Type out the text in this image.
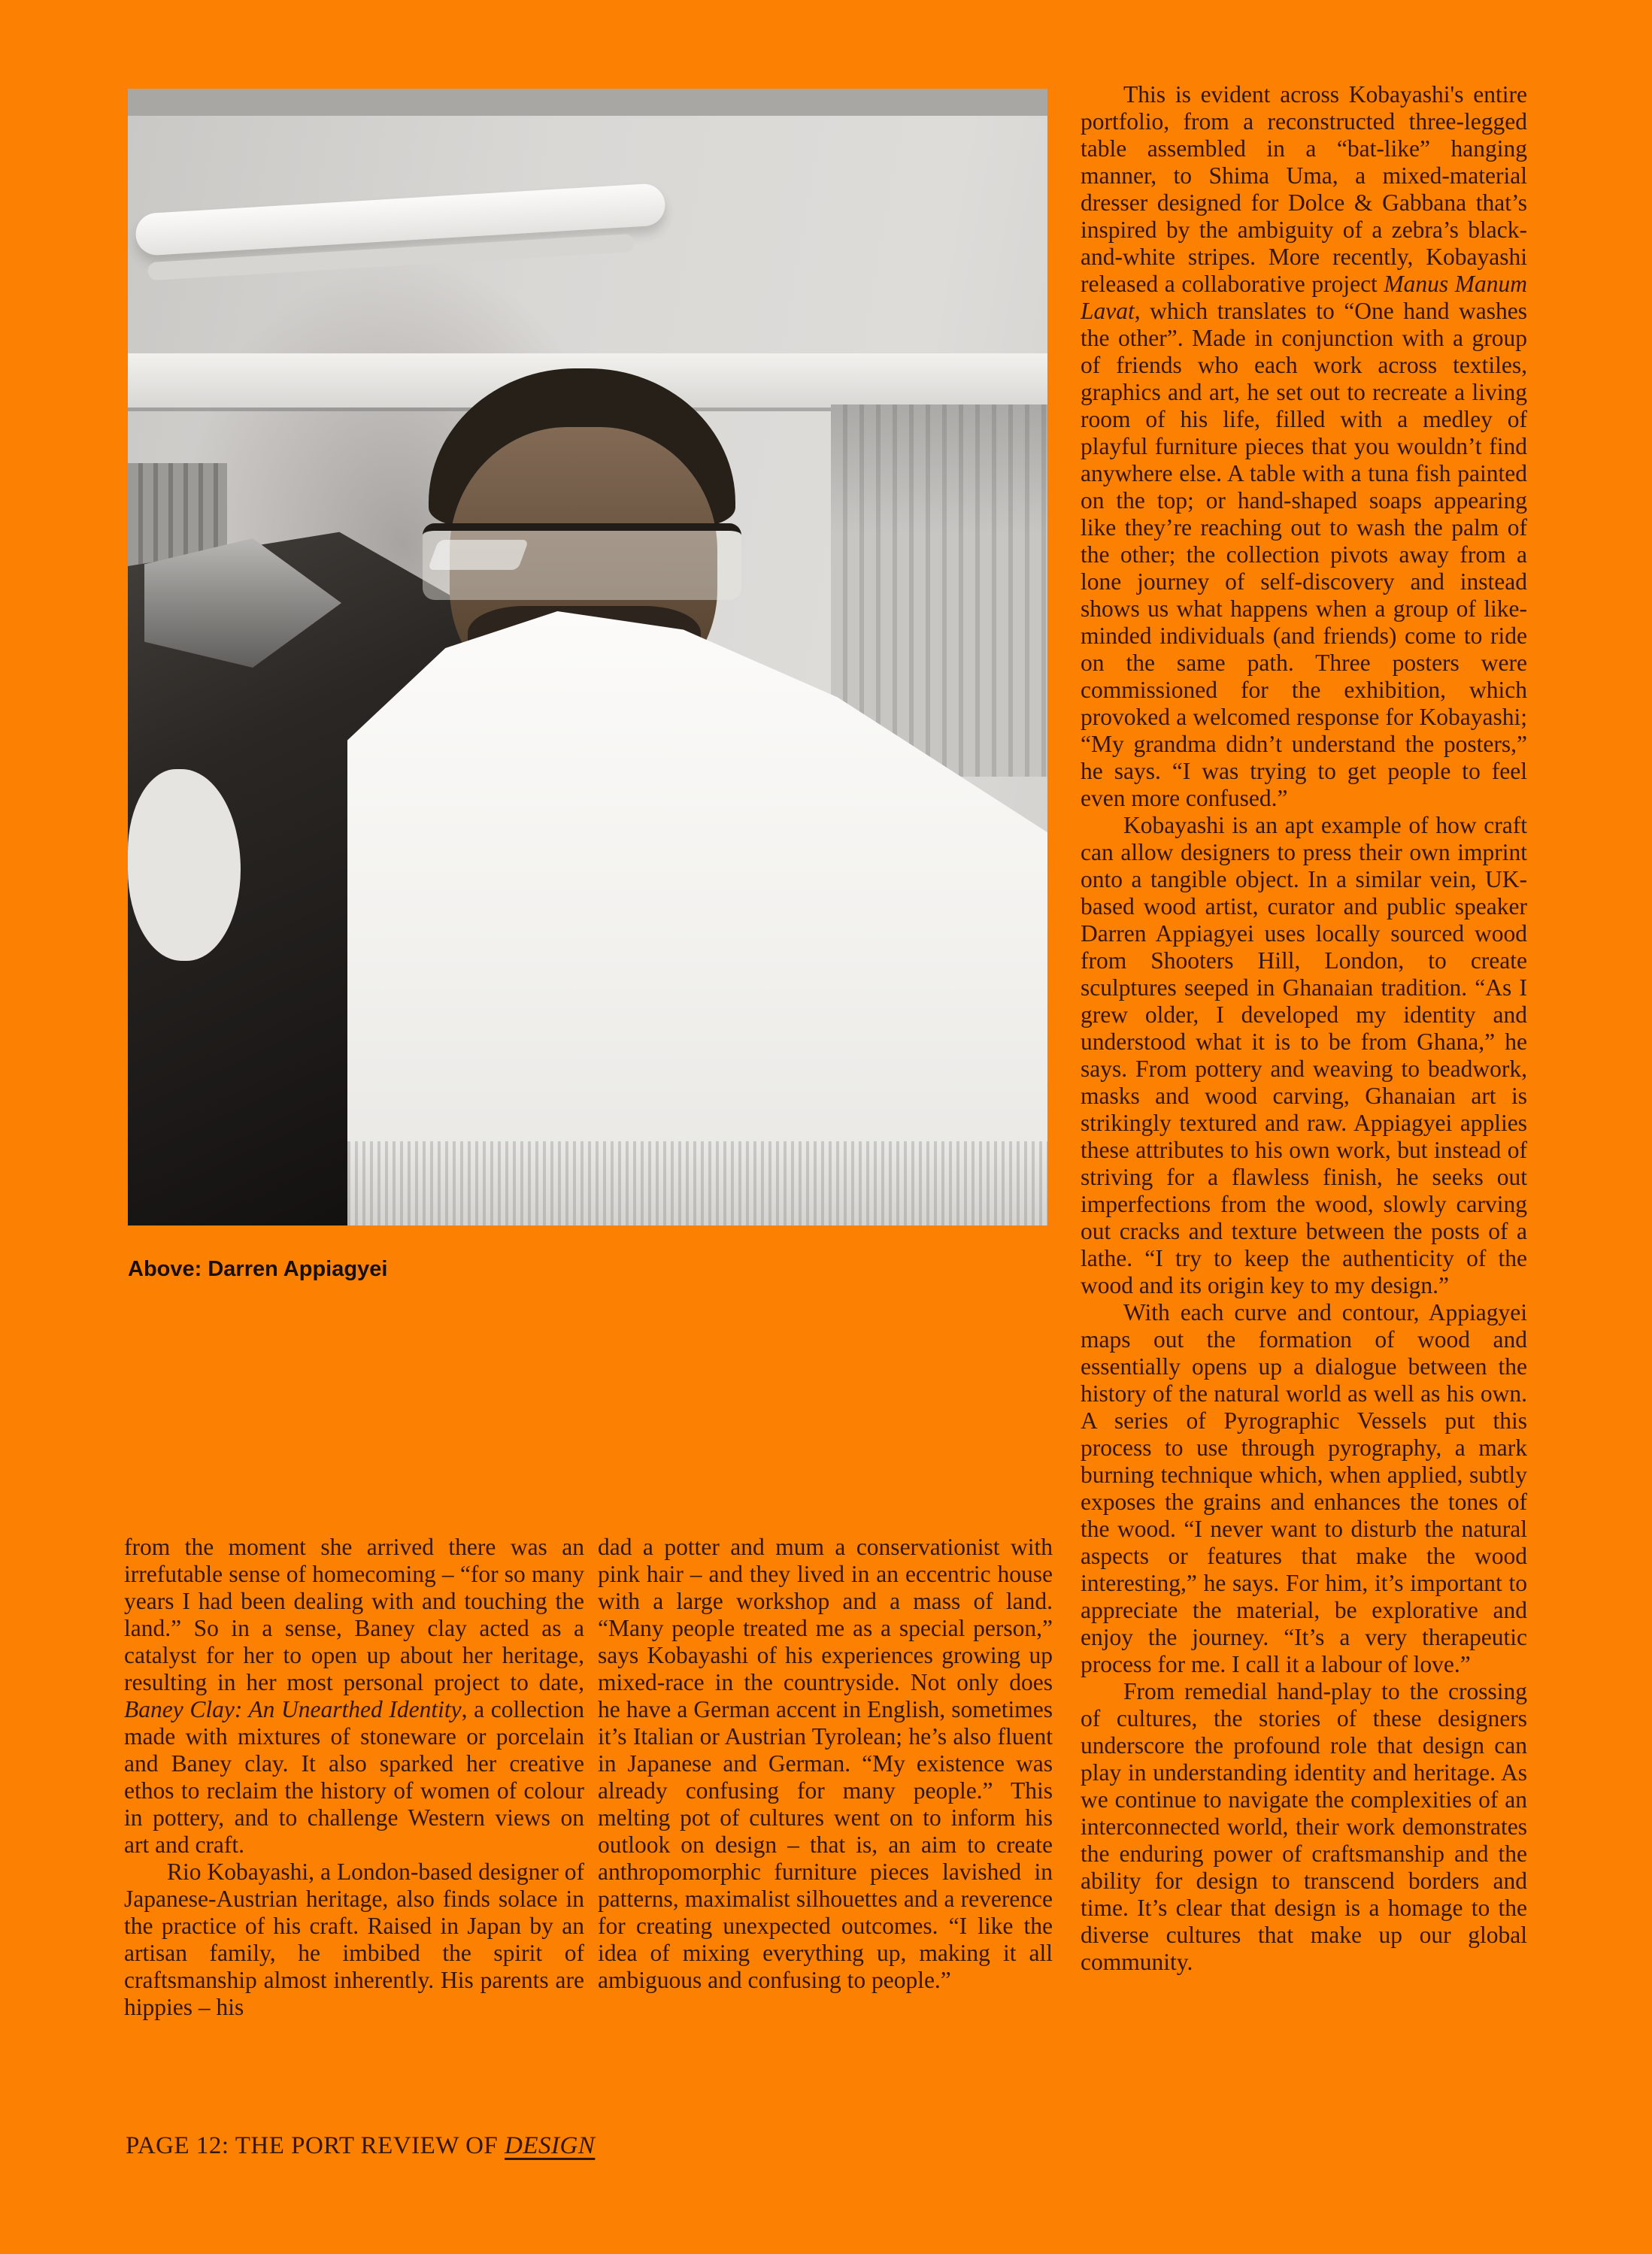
Above: Darren Appiagyei

from the moment she arrived there was an irrefutable sense of homecoming – “for so many years I had been dealing with and touching the land.” So in a sense, Baney clay acted as a catalyst for her to open up about her heritage, resulting in her most personal project to date, Baney Clay: An Unearthed Identity, a collection made with mixtures of stoneware or porcelain and Baney clay. It also sparked her creative ethos to reclaim the history of women of colour in pottery, and to challenge Western views on art and craft.

Rio Kobayashi, a London-based designer of Japanese-Austrian heritage, also finds solace in the practice of his craft. Raised in Japan by an artisan family, he imbibed the spirit of craftsmanship almost inherently. His parents are hippies – his

dad a potter and mum a conservationist with pink hair – and they lived in an eccentric house with a large workshop and a mass of land. “Many people treated me as a special person,” says Kobayashi of his experiences growing up mixed-race in the countryside. Not only does he have a German accent in English, sometimes it’s Italian or Austrian Tyrolean; he’s also fluent in Japanese and German. “My existence was already confusing for many people.” This melting pot of cultures went on to inform his outlook on design – that is, an aim to create anthropomorphic furniture pieces lavished in patterns, maximalist silhouettes and a reverence for creating unexpected outcomes. “I like the idea of mixing everything up, making it all ambiguous and confusing to people.”

This is evident across Kobayashi's entire portfolio, from a reconstructed three-legged table assembled in a “bat-like” hanging manner, to Shima Uma, a mixed-material dresser designed for Dolce & Gabbana that’s inspired by the ambiguity of a zebra’s black-and-white stripes. More recently, Kobayashi released a collaborative project Manus Manum Lavat, which translates to “One hand washes the other”. Made in conjunction with a group of friends who each work across textiles, graphics and art, he set out to recreate a living room of his life, filled with a medley of playful furniture pieces that you wouldn’t find anywhere else. A table with a tuna fish painted on the top; or hand-shaped soaps appearing like they’re reaching out to wash the palm of the other; the collection pivots away from a lone journey of self-discovery and instead shows us what happens when a group of like-minded individuals (and friends) come to ride on the same path. Three posters were commissioned for the exhibition, which provoked a welcomed response for Kobayashi; “My grandma didn’t understand the posters,” he says. “I was trying to get people to feel even more confused.”

Kobayashi is an apt example of how craft can allow designers to press their own imprint onto a tangible object. In a similar vein, UK-based wood artist, curator and public speaker Darren Appiagyei uses locally sourced wood from Shooters Hill, London, to create sculptures seeped in Ghanaian tradition. “As I grew older, I developed my identity and understood what it is to be from Ghana,” he says. From pottery and weaving to beadwork, masks and wood carving, Ghanaian art is strikingly textured and raw. Appiagyei applies these attributes to his own work, but instead of striving for a flawless finish, he seeks out imperfections from the wood, slowly carving out cracks and texture between the posts of a lathe. “I try to keep the authenticity of the wood and its origin key to my design.”

With each curve and contour, Appiagyei maps out the formation of wood and essentially opens up a dialogue between the history of the natural world as well as his own. A series of Pyrographic Vessels put this process to use through pyrography, a mark burning technique which, when applied, subtly exposes the grains and enhances the tones of the wood. “I never want to disturb the natural aspects or features that make the wood interesting,” he says. For him, it’s important to appreciate the material, be explorative and enjoy the journey. “It’s a very therapeutic process for me. I call it a labour of love.”

From remedial hand-play to the crossing of cultures, the stories of these designers underscore the profound role that design can play in understanding identity and heritage. As we continue to navigate the complexities of an interconnected world, their work demonstrates the enduring power of craftsmanship and the ability for design to transcend borders and time. It’s clear that design is a homage to the diverse cultures that make up our global community.

PAGE 12: THE PORT REVIEW OF DESIGN
